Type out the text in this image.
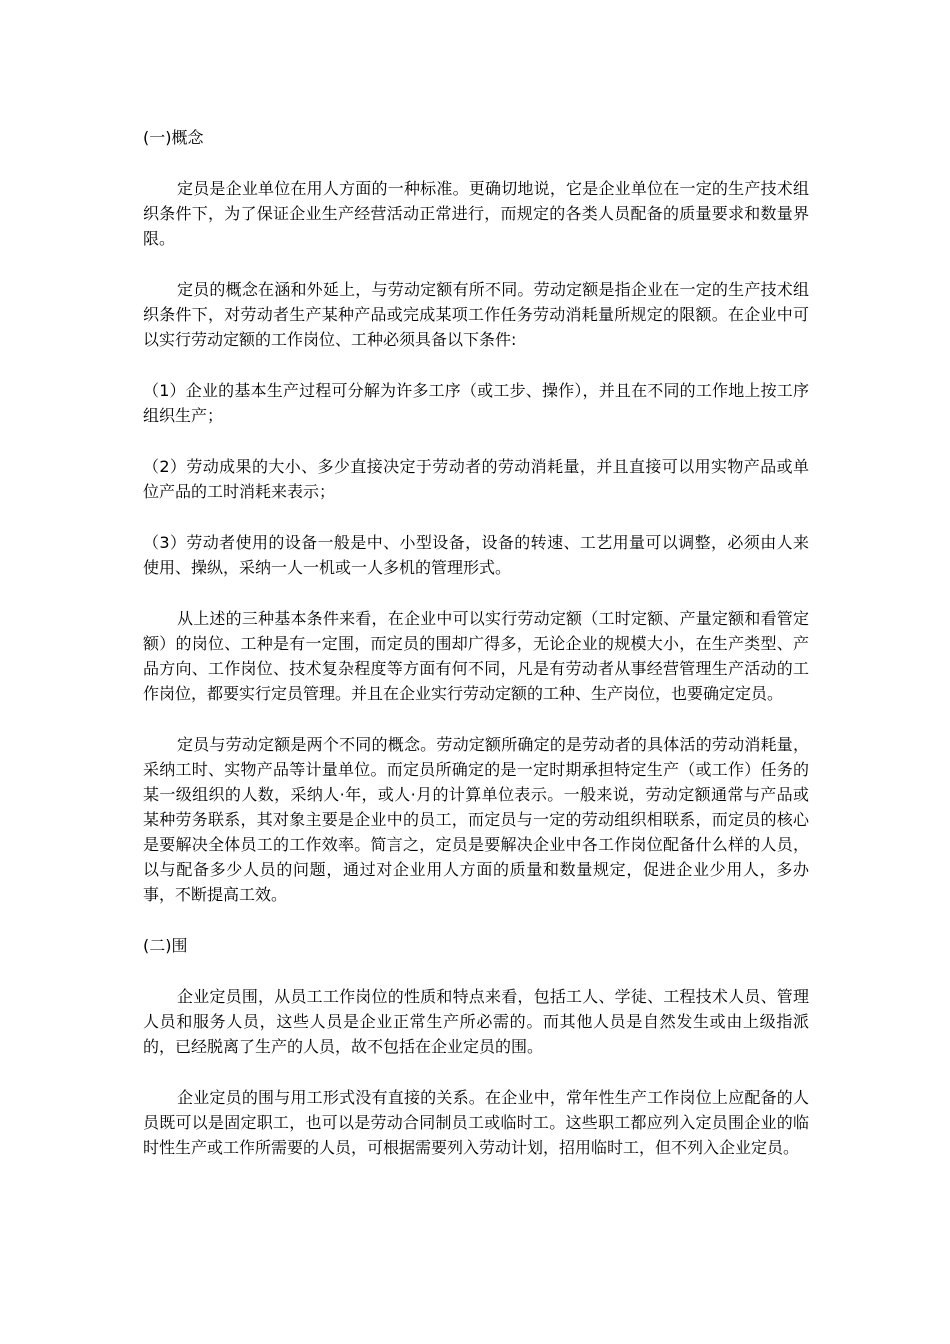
(一)概念

定员是企业单位在用人方面的一种标准。更确切地说，它是企业单位在一定的生产技术组织条件下，为了保证企业生产经营活动正常进行，而规定的各类人员配备的质量要求和数量界限。

定员的概念在涵和外延上，与劳动定额有所不同。劳动定额是指企业在一定的生产技术组织条件下，对劳动者生产某种产品或完成某项工作任务劳动消耗量所规定的限额。在企业中可以实行劳动定额的工作岗位、工种必须具备以下条件:

（1）企业的基本生产过程可分解为许多工序（或工步、操作），并且在不同的工作地上按工序组织生产；

（2）劳动成果的大小、多少直接决定于劳动者的劳动消耗量，并且直接可以用实物产品或单位产品的工时消耗来表示；

（3）劳动者使用的设备一般是中、小型设备，设备的转速、工艺用量可以调整，必须由人来使用、操纵，采纳一人一机或一人多机的管理形式。

从上述的三种基本条件来看，在企业中可以实行劳动定额（工时定额、产量定额和看管定额）的岗位、工种是有一定围，而定员的围却广得多，无论企业的规模大小，在生产类型、产品方向、工作岗位、技术复杂程度等方面有何不同，凡是有劳动者从事经营管理生产活动的工作岗位，都要实行定员管理。并且在企业实行劳动定额的工种、生产岗位，也要确定定员。

定员与劳动定额是两个不同的概念。劳动定额所确定的是劳动者的具体活的劳动消耗量，采纳工时、实物产品等计量单位。而定员所确定的是一定时期承担特定生产（或工作）任务的某一级组织的人数，采纳人·年，或人·月的计算单位表示。一般来说，劳动定额通常与产品或某种劳务联系，其对象主要是企业中的员工，而定员与一定的劳动组织相联系，而定员的核心是要解决全体员工的工作效率。简言之，定员是要解决企业中各工作岗位配备什么样的人员，以与配备多少人员的问题，通过对企业用人方面的质量和数量规定，促进企业少用人，多办事，不断提高工效。

(二)围

企业定员围，从员工工作岗位的性质和特点来看，包括工人、学徒、工程技术人员、管理人员和服务人员，这些人员是企业正常生产所必需的。而其他人员是自然发生或由上级指派的，已经脱离了生产的人员，故不包括在企业定员的围。

企业定员的围与用工形式没有直接的关系。在企业中，常年性生产工作岗位上应配备的人员既可以是固定职工，也可以是劳动合同制员工或临时工。这些职工都应列入定员围企业的临时性生产或工作所需要的人员，可根据需要列入劳动计划，招用临时工，但不列入企业定员。
